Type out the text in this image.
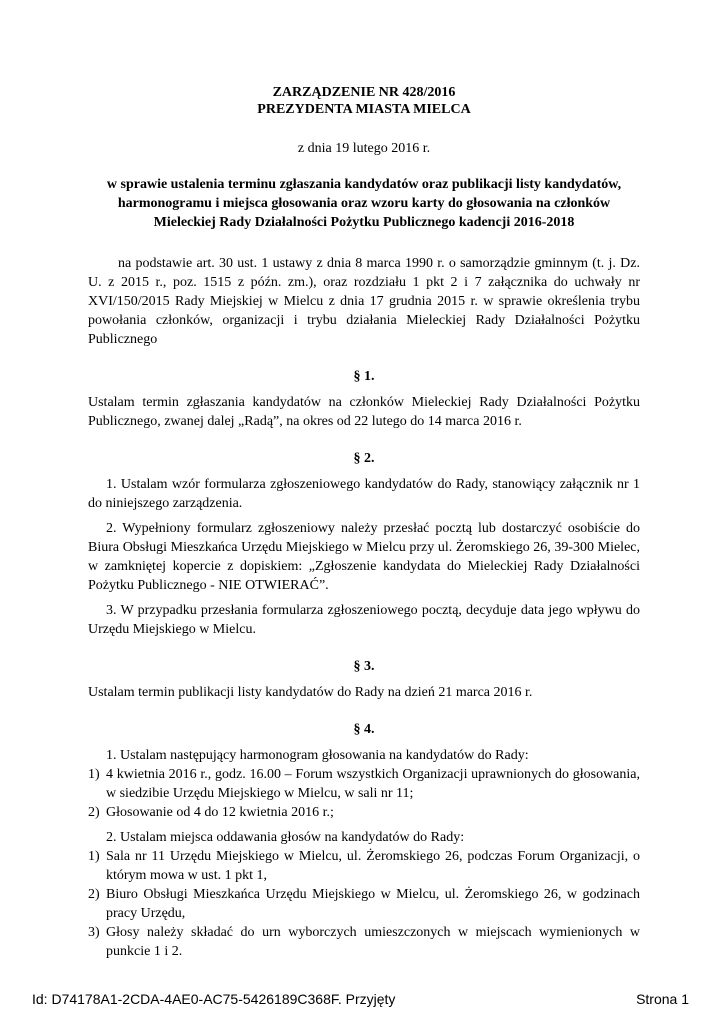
ZARZĄDZENIE NR 428/2016

PREZYDENTA MIASTA MIELCA

z dnia 19 lutego 2016 r.

w sprawie ustalenia terminu zgłaszania kandydatów oraz publikacji listy kandydatów, harmonogramu i miejsca głosowania oraz wzoru karty do głosowania na członków Mieleckiej Rady Działalności Pożytku Publicznego kadencji 2016-2018

na podstawie art. 30 ust. 1 ustawy z dnia 8 marca 1990 r. o samorządzie gminnym (t. j. Dz. U. z 2015 r., poz. 1515 z późn. zm.), oraz rozdziału 1 pkt 2 i 7 załącznika do uchwały nr XVI/150/2015 Rady Miejskiej w Mielcu z dnia 17 grudnia 2015 r. w sprawie określenia trybu powołania członków, organizacji i trybu działania Mieleckiej Rady Działalności Pożytku Publicznego

§ 1.

Ustalam termin zgłaszania kandydatów na członków Mieleckiej Rady Działalności Pożytku Publicznego, zwanej dalej „Radą”, na okres od 22 lutego do 14 marca 2016 r.

§ 2.

1. Ustalam wzór formularza zgłoszeniowego kandydatów do Rady, stanowiący załącznik nr 1 do niniejszego zarządzenia.

2. Wypełniony formularz zgłoszeniowy należy przesłać pocztą lub dostarczyć osobiście do Biura Obsługi Mieszkańca Urzędu Miejskiego w Mielcu przy ul. Żeromskiego 26, 39-300 Mielec, w zamkniętej kopercie z dopiskiem: „Zgłoszenie kandydata do Mieleckiej Rady Działalności Pożytku Publicznego - NIE OTWIERAĆ”.

3. W przypadku przesłania formularza zgłoszeniowego pocztą, decyduje data jego wpływu do Urzędu Miejskiego w Mielcu.

§ 3.

Ustalam termin publikacji listy kandydatów do Rady na dzień 21 marca 2016 r.

§ 4.

1. Ustalam następujący harmonogram głosowania na kandydatów do Rady:

1) 4 kwietnia 2016 r., godz. 16.00 – Forum wszystkich Organizacji uprawnionych do głosowania, w siedzibie Urzędu Miejskiego w Mielcu, w sali nr 11;
2) Głosowanie od 4 do 12 kwietnia 2016 r.;

2. Ustalam miejsca oddawania głosów na kandydatów do Rady:

1) Sala nr 11 Urzędu Miejskiego w Mielcu, ul. Żeromskiego 26, podczas Forum Organizacji, o którym mowa w ust. 1 pkt 1,
2) Biuro Obsługi Mieszkańca Urzędu Miejskiego w Mielcu, ul. Żeromskiego 26, w godzinach pracy Urzędu,
3) Głosy należy składać do urn wyborczych umieszczonych w miejscach wymienionych w punkcie 1 i 2.
Id: D74178A1-2CDA-4AE0-AC75-5426189C368F. Przyjęty	Strona 1
